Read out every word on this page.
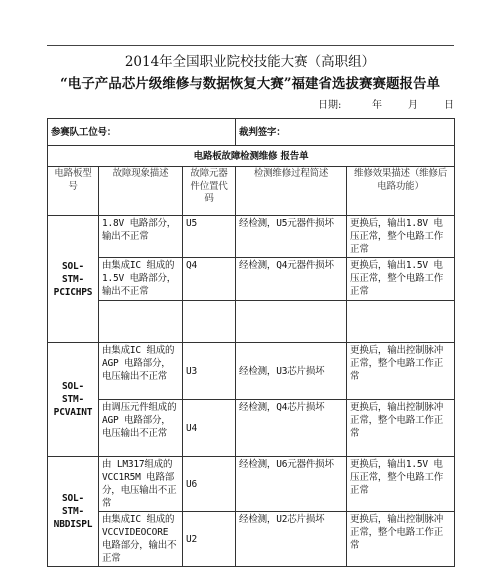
2014年全国职业院校技能大赛（高职组）
“电子产品芯片级维修与数据恢复大赛”福建省选拔赛赛题报告单
日期:	年	月	日
参赛队工位号：			裁判签字：	
电路板故障检测维修 报告单				
电路板型号	故障现象描述	故障元器件位置代码	检测维修过程简述	维修效果描述（维修后电路功能）
SOL-STM-PCICHPS	1.8V 电路部分，输出不正常	U5	经检测，U5元器件损坏	更换后，输出1.8V 电压正常，整个电路工作正常
	由集成IC 组成的1.5V 电路部分，输出不正常	Q4	经检测，Q4元器件损坏	更换后，输出1.5V 电压正常，整个电路工作正常

SOL-STM-PCVAINT	由集成IC 组成的AGP 电路部分，电压输出不正常	U3	经检测，U3芯片损坏	更换后，输出控制脉冲正常，整个电路工作正常
	由调压元件组成的AGP 电路部分，电压输出不正常	U4	经检测，Q4芯片损坏	更换后，输出控制脉冲正常，整个电路工作正常
SOL-STM-NBDISPL	由 LM317组成的VCC1R5M 电路部分，电压输出不正常	U6	经检测，U6元器件损坏	更换后，输出1.5V 电压正常，整个电路工作正常
	由集成IC 组成的VCCVIDEOCORE 电路部分，输出不正常	U2	经检测，U2芯片损坏	更换后，输出控制脉冲正常，整个电路工作正常
